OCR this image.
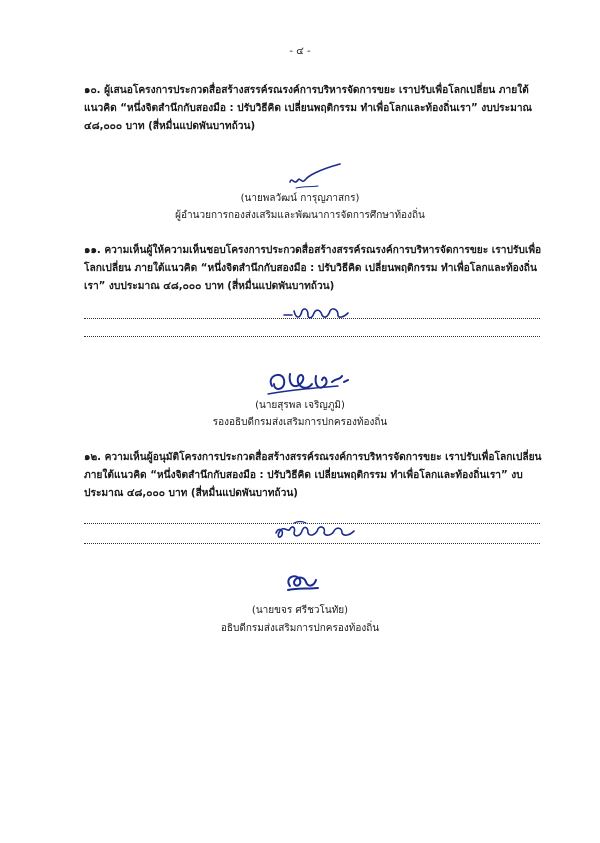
- ๔ -
๑๐. ผู้เสนอโครงการประกวดสื่อสร้างสรรค์รณรงค์การบริหารจัดการขยะ เราปรับเพื่อโลกเปลี่ยน ภายใต้แนวคิด “หนึ่งจิตสำนึกกับสองมือ : ปรับวิธีคิด เปลี่ยนพฤติกรรม ทำเพื่อโลกและท้องถิ่นเรา” งบประมาณ ๔๘,๐๐๐ บาท (สี่หมื่นแปดพันบาทถ้วน)
(นายพลวัฒน์ การุญภาสกร)
ผู้อำนวยการกองส่งเสริมและพัฒนาการจัดการศึกษาท้องถิ่น
๑๑. ความเห็นผู้ให้ความเห็นชอบโครงการประกวดสื่อสร้างสรรค์รณรงค์การบริหารจัดการขยะ เราปรับเพื่อโลกเปลี่ยน ภายใต้แนวคิด “หนึ่งจิตสำนึกกับสองมือ : ปรับวิธีคิด เปลี่ยนพฤติกรรม ทำเพื่อโลกและท้องถิ่นเรา” งบประมาณ ๔๘,๐๐๐ บาท (สี่หมื่นแปดพันบาทถ้วน)
(นายสุรพล เจริญภูมิ)
รองอธิบดีกรมส่งเสริมการปกครองท้องถิ่น
๑๒. ความเห็นผู้อนุมัติโครงการประกวดสื่อสร้างสรรค์รณรงค์การบริหารจัดการขยะ เราปรับเพื่อโลกเปลี่ยน ภายใต้แนวคิด “หนึ่งจิตสำนึกกับสองมือ : ปรับวิธีคิด เปลี่ยนพฤติกรรม ทำเพื่อโลกและท้องถิ่นเรา” งบประมาณ ๔๘,๐๐๐ บาท (สี่หมื่นแปดพันบาทถ้วน)
(นายขจร ศรีชวโนทัย)
อธิบดีกรมส่งเสริมการปกครองท้องถิ่น
